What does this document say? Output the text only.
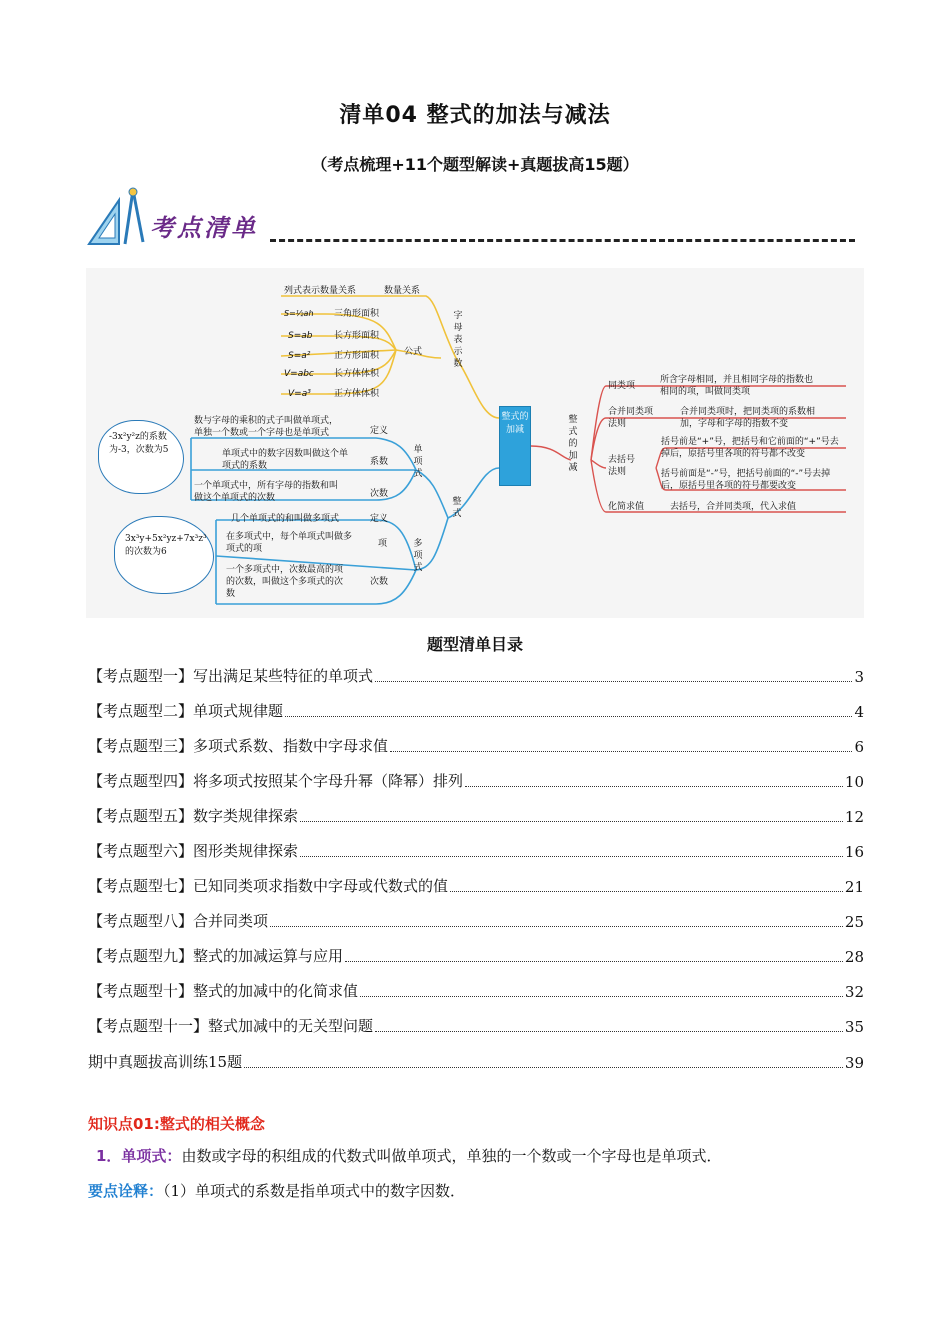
清单04 整式的加法与减法
（考点梳理+11个题型解读+真题拔高15题）
考点清单
列式表示数量关系	数量关系
字母表示数
公式
S=½ah 三角形面积
S=ab 长方形面积
S=a²	正方形面积
V=abc 长方体体积
V=a³	正方体体积
整式的加减
整式
单项式
数与字母的乘积的式子叫做单项式，单独一个数或一个字母也是单项式	定义
单项式中的数字因数叫做这个单项式的系数	系数
一个单项式中，所有字母的指数和叫做这个单项式的次数	次数
多项式
几个单项式的和叫做多项式	定义
在多项式中，每个单项式叫做多项式的项	项
一个多项式中，次数最高的项的次数，叫做这个多项式的次数
次数
-3x²y²z的系数为-3，次数为5
3x³y+5x²yz+7x³z³的次数为6
整式的加减
同类项
所含字母相同，并且相同字母的指数也相同的项，叫做同类项
合并同类项法则
合并同类项时，把同类项的系数相加，字母和字母的指数不变
去括号法则
括号前是“+”号，把括号和它前面的“+”号去掉后，原括号里各项的符号都不改变
括号前面是“-”号，把括号前面的“-”号去掉后，原括号里各项的符号都要改变
化简求值	去括号，合并同类项，代入求值
题型清单目录
【考点题型一】写出满足某些特征的单项式	3
【考点题型二】单项式规律题	4
【考点题型三】多项式系数、指数中字母求值	6
【考点题型四】将多项式按照某个字母升幂（降幂）排列	10
【考点题型五】数字类规律探索	12
【考点题型六】图形类规律探索	16
【考点题型七】已知同类项求指数中字母或代数式的值	21
【考点题型八】合并同类项	25
【考点题型九】整式的加减运算与应用	28
【考点题型十】整式的加减中的化简求值	32
【考点题型十一】整式加减中的无关型问题	35
期中真题拔高训练15题	39
知识点01:整式的相关概念
1．单项式：由数或字母的积组成的代数式叫做单项式，单独的一个数或一个字母也是单项式．
要点诠释：（1）单项式的系数是指单项式中的数字因数．
